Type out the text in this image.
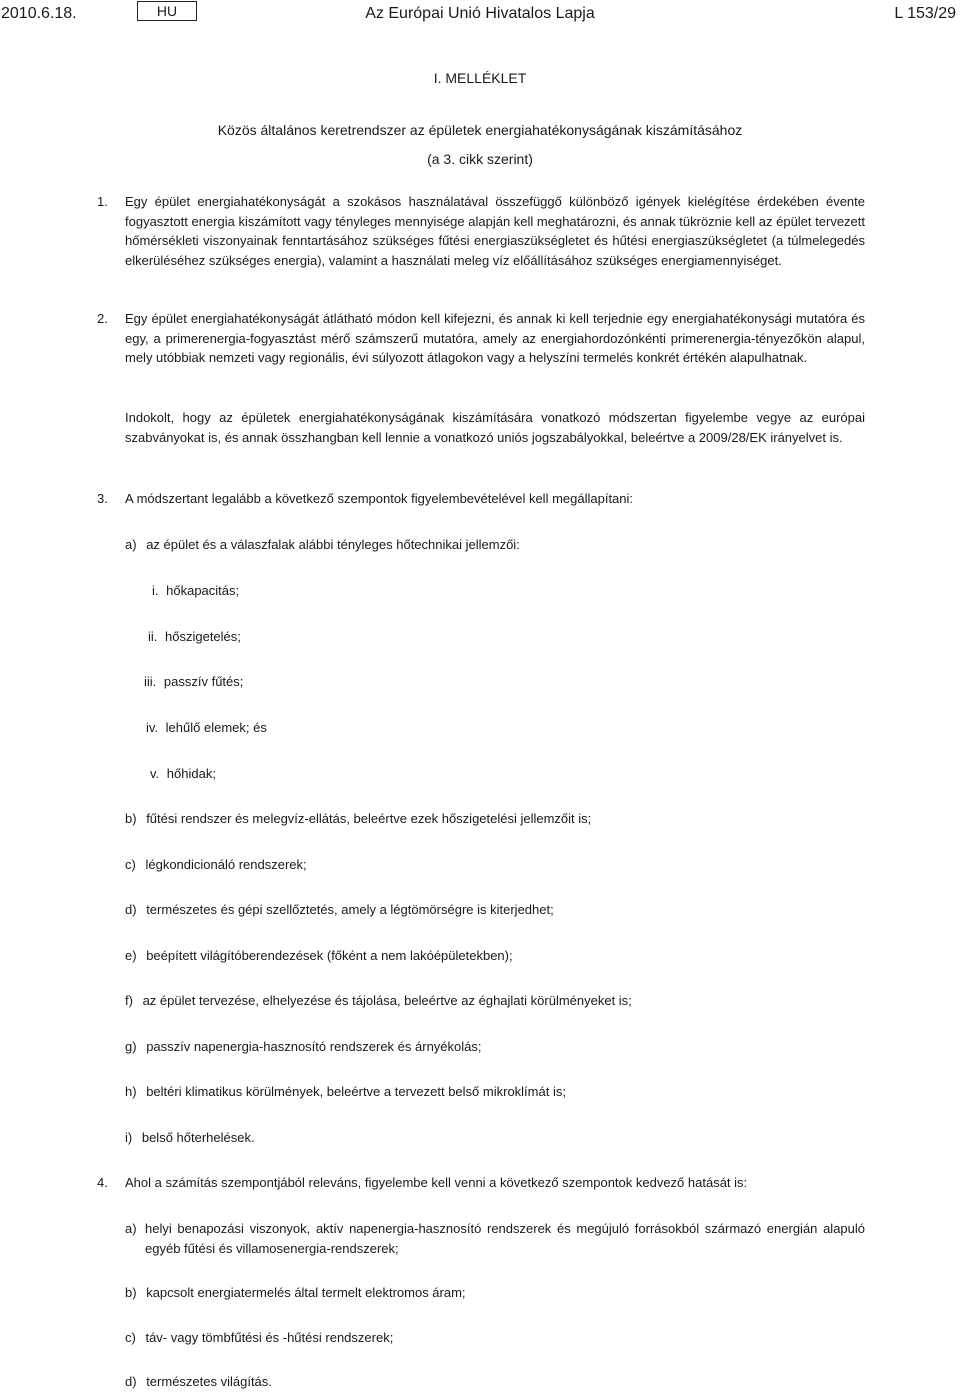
2010.6.18.	HU	Az Európai Unió Hivatalos Lapja	L 153/29
I. MELLÉKLET
Közös általános keretrendszer az épületek energiahatékonyságának kiszámításához
(a 3. cikk szerint)
1. Egy épület energiahatékonyságát a szokásos használatával összefüggő különböző igények kielégítése érdekében évente fogyasztott energia kiszámított vagy tényleges mennyisége alapján kell meghatározni, és annak tükröznie kell az épület tervezett hőmérsékleti viszonyainak fenntartásához szükséges fűtési energiaszükségletet és hűtési energiaszükségletet (a túlmelegedés elkerüléséhez szükséges energia), valamint a használati meleg víz előállításához szükséges energiamennyiséget.
2. Egy épület energiahatékonyságát átlátható módon kell kifejezni, és annak ki kell terjednie egy energiahatékonysági mutatóra és egy, a primerenergia-fogyasztást mérő számszerű mutatóra, amely az energiahordozónkénti primerenergia-tényezőkön alapul, mely utóbbiak nemzeti vagy regionális, évi súlyozott átlagokon vagy a helyszíni termelés konkrét értékén alapulhatnak.
Indokolt, hogy az épületek energiahatékonyságának kiszámítására vonatkozó módszertan figyelembe vegye az európai szabványokat is, és annak összhangban kell lennie a vonatkozó uniós jogszabályokkal, beleértve a 2009/28/EK irányelvet is.
3. A módszertant legalább a következő szempontok figyelembevételével kell megállapítani:
a) az épület és a válaszfalak alábbi tényleges hőtechnikai jellemzői:
i. hőkapacitás;
ii. hőszigetelés;
iii. passzív fűtés;
iv. lehűlő elemek; és
v. hőhidak;
b) fűtési rendszer és melegvíz-ellátás, beleértve ezek hőszigetelési jellemzőit is;
c) légkondicionáló rendszerek;
d) természetes és gépi szellőztetés, amely a légtömörségre is kiterjedhet;
e) beépített világítóberendezések (főként a nem lakóépületekben);
f) az épület tervezése, elhelyezése és tájolása, beleértve az éghajlati körülményeket is;
g) passzív napenergia-hasznosító rendszerek és árnyékolás;
h) beltéri klimatikus körülmények, beleértve a tervezett belső mikroklímát is;
i) belső hőterhelések.
4. Ahol a számítás szempontjából releváns, figyelembe kell venni a következő szempontok kedvező hatását is:
a) helyi benapozási viszonyok, aktív napenergia-hasznosító rendszerek és megújuló forrásokból származó energián alapuló egyéb fűtési és villamosenergia-rendszerek;
b) kapcsolt energiatermelés által termelt elektromos áram;
c) táv- vagy tömbfűtési és -hűtési rendszerek;
d) természetes világítás.
